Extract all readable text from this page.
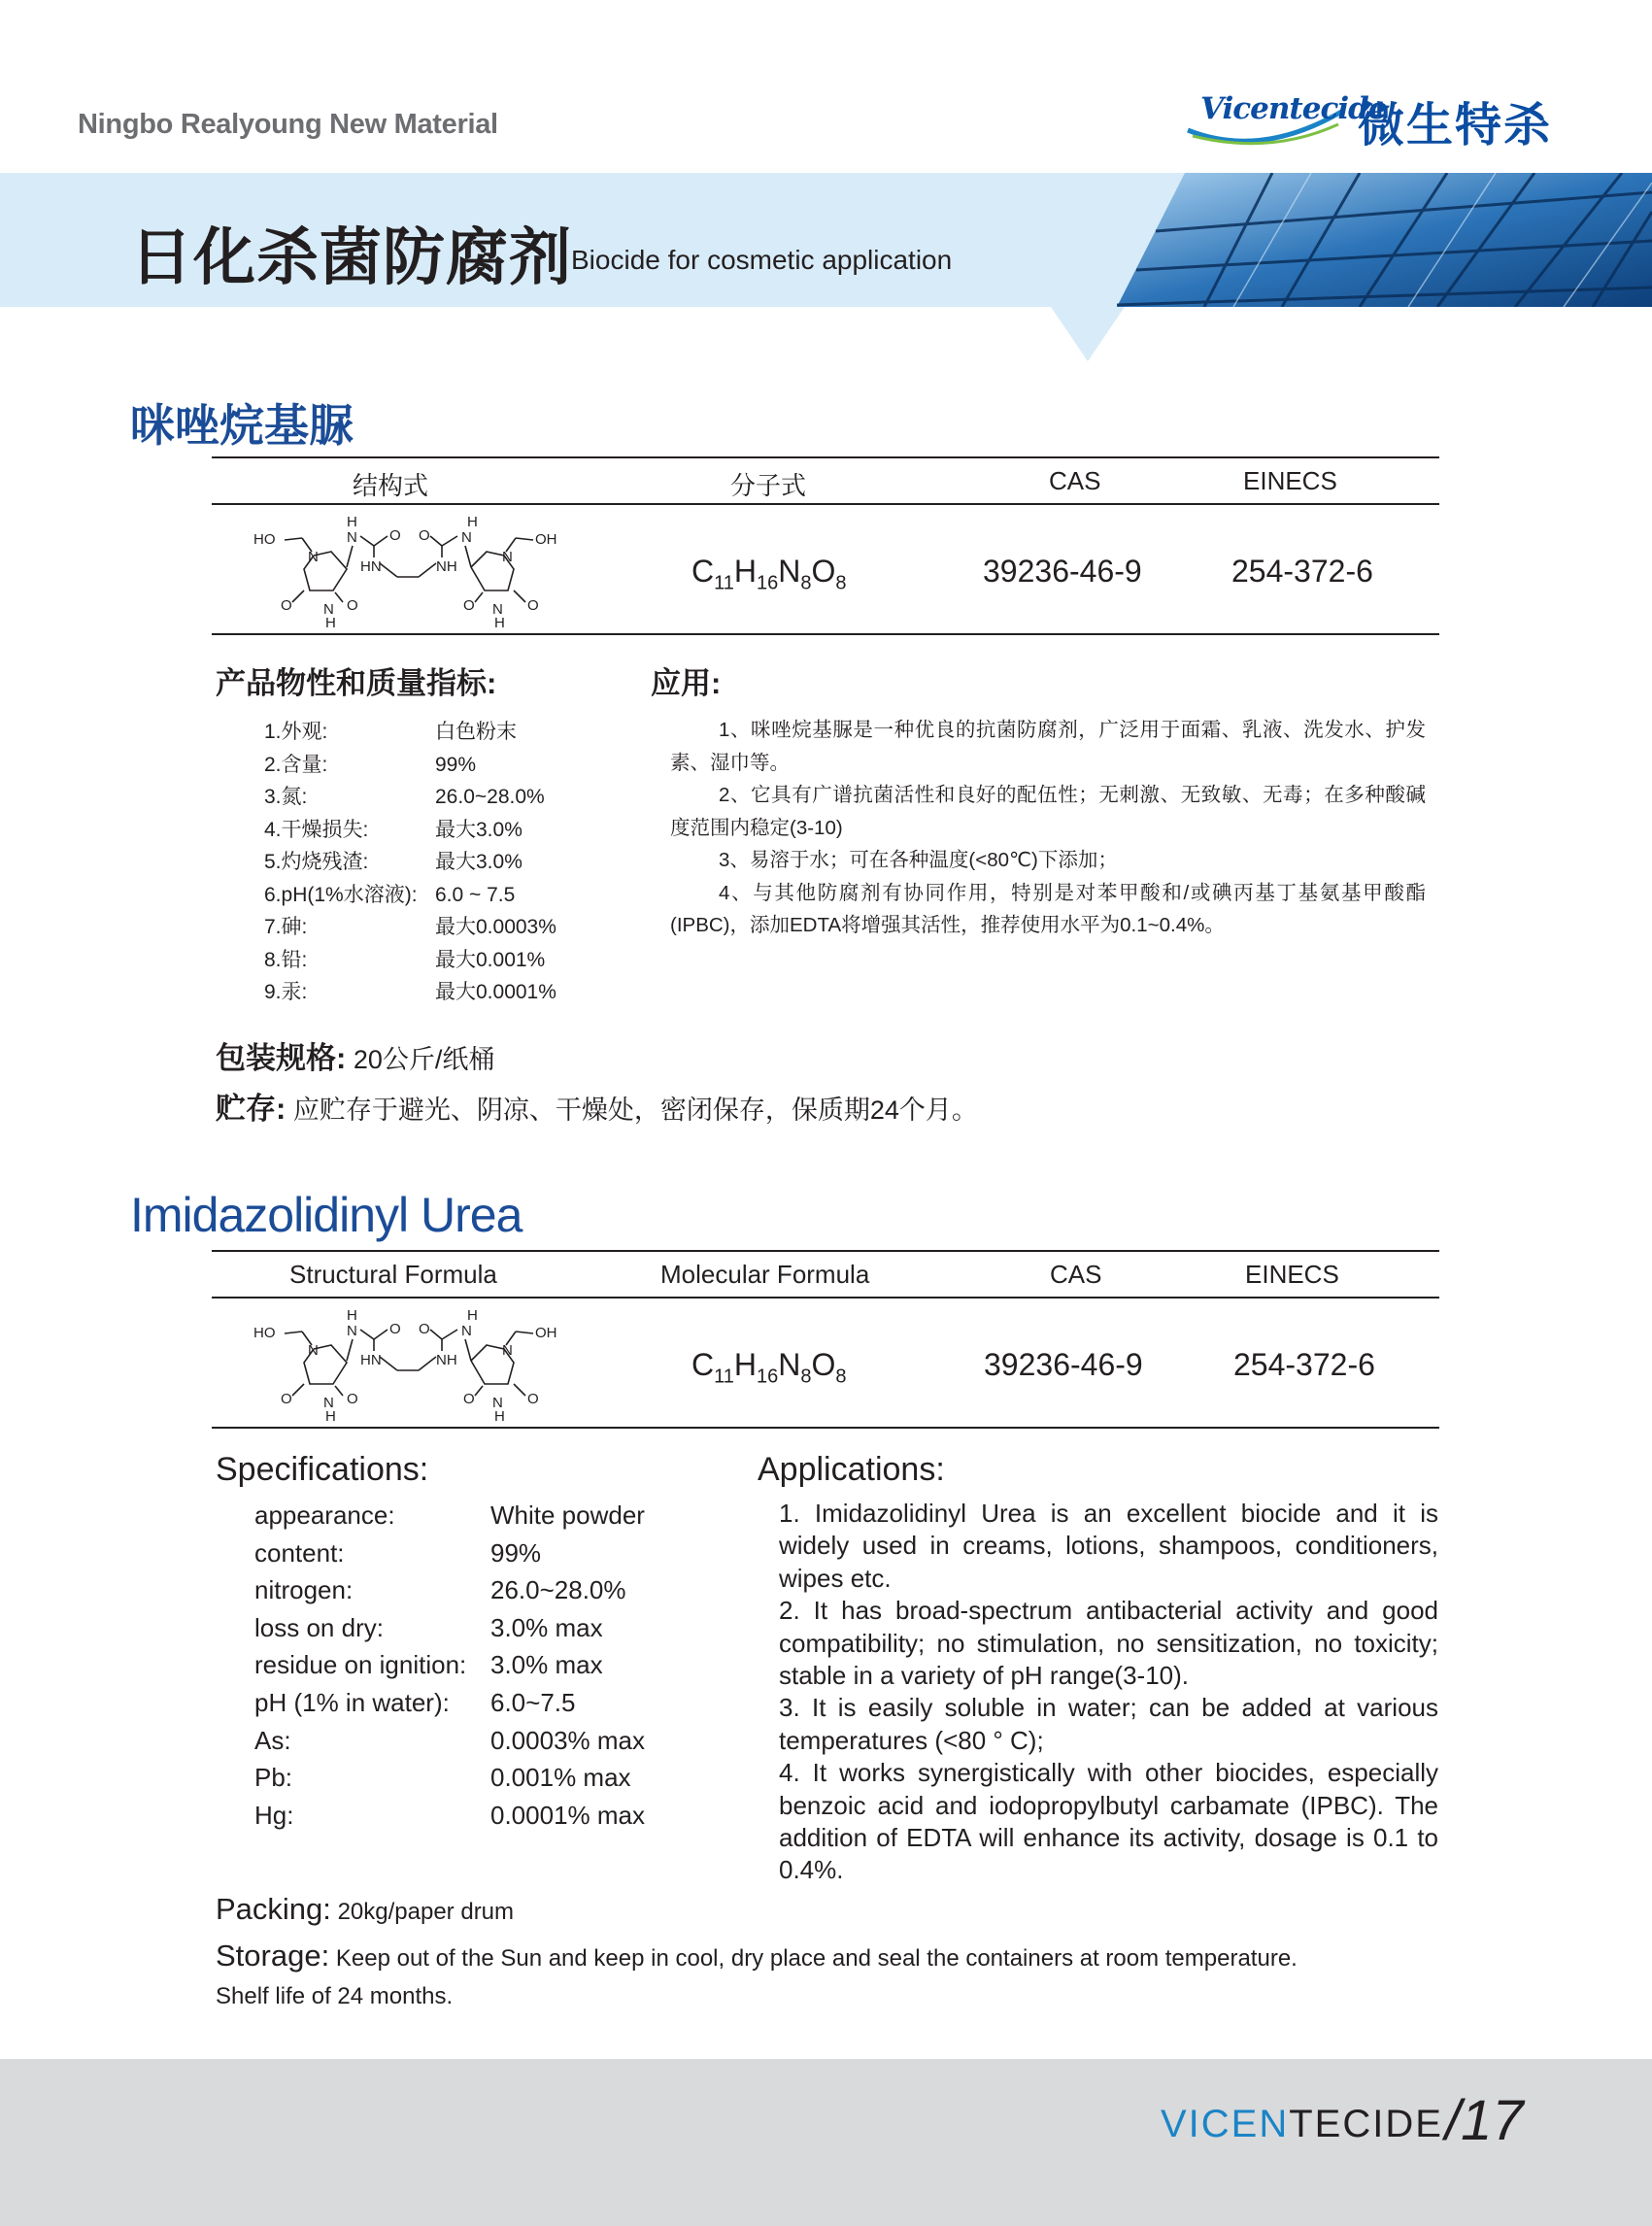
Ningbo Realyoung New Material	Vicentecide
微生特杀
日化杀菌防腐剂 Biocide for cosmetic application
咪唑烷基脲
结构式	分子式	CAS	EINECS
HO
N
O N
H
O
H
N O
HN	NH
O
H
N
N
OH
O N
H
O
$C_{11}H_{16}N_8O_8$	39236-46-9	254-372-6
产品物性和质量指标:
1.外观:	白色粉末
2.含量:	99%
3.氮:	26.0~28.0%
4.干燥损失:	最大3.0%
5.灼烧残渣:	最大3.0%
6.pH(1%水溶液): 6.0 ~ 7.5
7.砷:	最大0.0003%
8.铅:	最大0.001%
9.汞:	最大0.0001%
应用:

1、咪唑烷基脲是一种优良的抗菌防腐剂，广泛用于面霜、乳液、洗发水、护发素、湿巾等。

2、它具有广谱抗菌活性和良好的配伍性；无刺激、无致敏、无毒；在多种酸碱度范围内稳定(3-10)

3、易溶于水；可在各种温度(<80℃)下添加；

4、与其他防腐剂有协同作用，特别是对苯甲酸和/或碘丙基丁基氨基甲酸酯(IPBC)，添加EDTA将增强其活性，推荐使用水平为0.1~0.4%。

包装规格: 20公斤/纸桶
贮存: 应贮存于避光、阴凉、干燥处，密闭保存，保质期24个月。
Imidazolidinyl Urea
Structural Formula	Molecular Formula	CAS	EINECS
HO
N
O N
H
O
H
N O
HN	NH
O
H
N
N
OH
O N
H
O
$C_{11}H_{16}N_8O_8$	39236-46-9	254-372-6
Specifications:
appearance:	White powder
content:	99%
nitrogen:	26.0~28.0%
loss on dry:	3.0% max
residue on ignition: 3.0% max
pH (1% in water):	6.0~7.5
As:	0.0003% max
Pb:	0.001% max
Hg:	0.0001% max
Applications:

1. Imidazolidinyl Urea is an excellent biocide and it is widely used in creams, lotions, shampoos, conditioners, wipes etc.

2. It has broad-spectrum antibacterial activity and good compatibility; no stimulation, no sensitization, no toxicity; stable in a variety of pH range(3-10).

3. It is easily soluble in water; can be added at various temperatures (<80 ° C);

4. It works synergistically with other biocides, especially benzoic acid and iodopropylbutyl carbamate (IPBC). The addition of EDTA will enhance its activity, dosage is 0.1 to 0.4%.

Packing: 20kg/paper drum
Storage: Keep out of the Sun and keep in cool, dry place and seal the containers at room temperature.
Shelf life of 24 months.
VICENTECIDE /17
